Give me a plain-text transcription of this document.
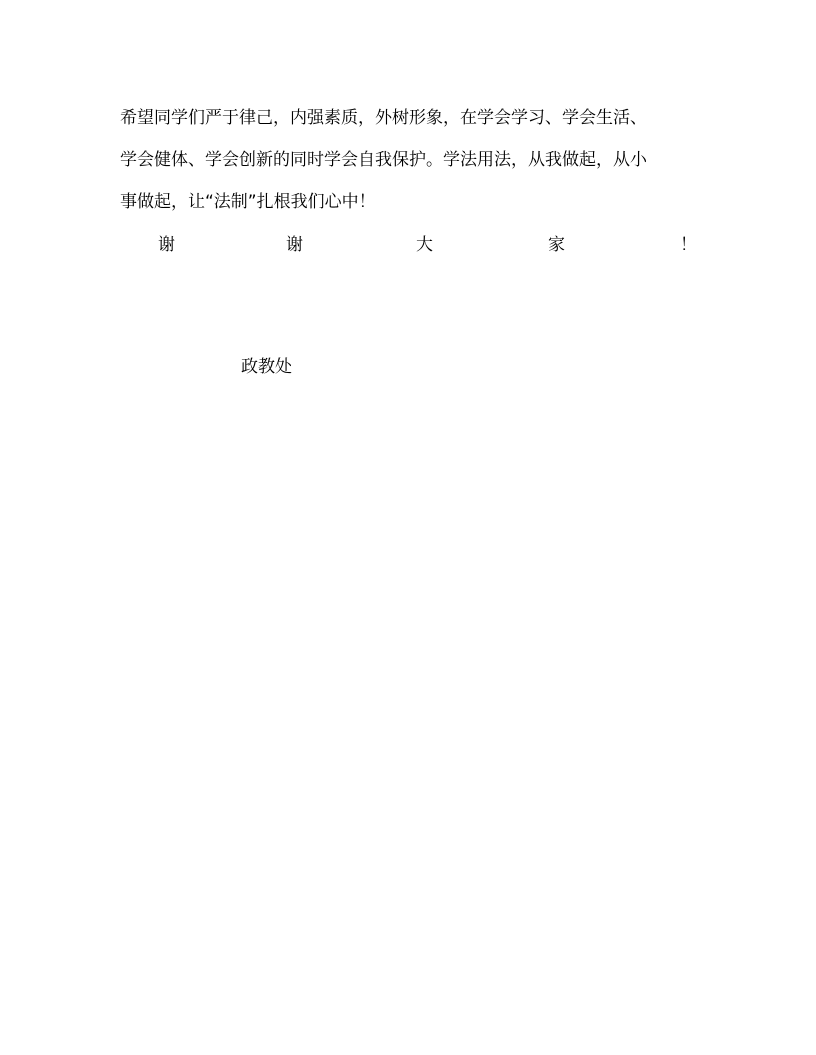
希望同学们严于律己，内强素质，外树形象，在学会学习、学会生活、
学会健体、学会创新的同时学会自我保护。学法用法，从我做起，从小
事做起，让“法制”扎根我们心中！
谢	谢	大	家	！
政教处
